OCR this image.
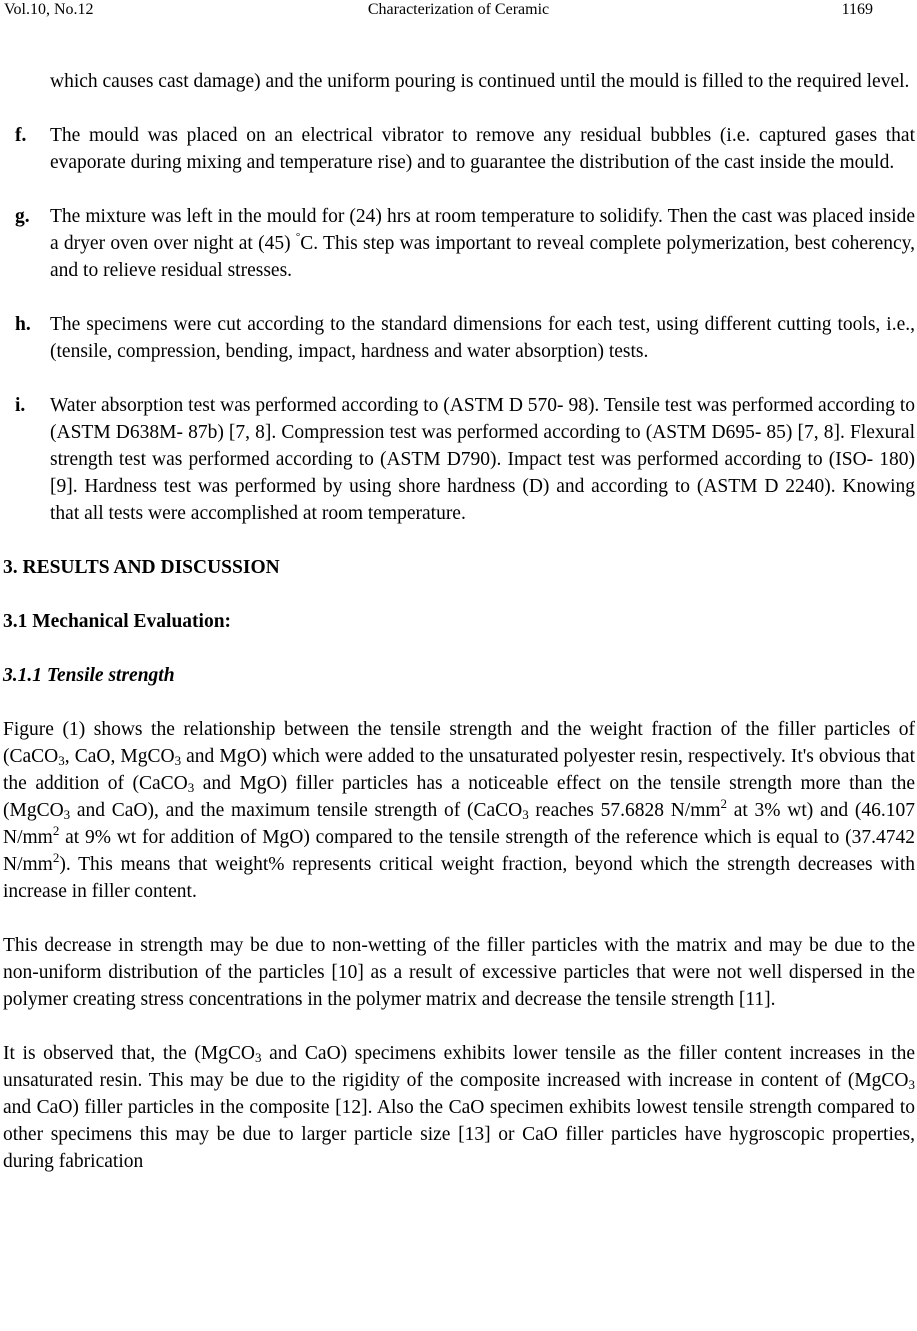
Vol.10, No.12	Characterization of Ceramic	1169

which causes cast damage) and the uniform pouring is continued until the mould is filled to the required level.

f. The mould was placed on an electrical vibrator to remove any residual bubbles (i.e. captured gases that evaporate during mixing and temperature rise) and to guarantee the distribution of the cast inside the mould.

g. The mixture was left in the mould for (24) hrs at room temperature to solidify. Then the cast was placed inside a dryer oven over night at (45) °C. This step was important to reveal complete polymerization, best coherency, and to relieve residual stresses.

h. The specimens were cut according to the standard dimensions for each test, using different cutting tools, i.e., (tensile, compression, bending, impact, hardness and water absorption) tests.

i. Water absorption test was performed according to (ASTM D 570- 98). Tensile test was performed according to (ASTM D638M- 87b) [7, 8]. Compression test was performed according to (ASTM D695- 85) [7, 8]. Flexural strength test was performed according to (ASTM D790). Impact test was performed according to (ISO- 180) [9]. Hardness test was performed by using shore hardness (D) and according to (ASTM D 2240). Knowing that all tests were accomplished at room temperature.

3. RESULTS AND DISCUSSION
3.1 Mechanical Evaluation:
3.1.1 Tensile strength

Figure (1) shows the relationship between the tensile strength and the weight fraction of the filler particles of (CaCO$_3$, CaO, MgCO$_3$ and MgO) which were added to the unsaturated polyester resin, respectively. It's obvious that the addition of (CaCO$_3$ and MgO) filler particles has a noticeable effect on the tensile strength more than the (MgCO$_3$ and CaO), and the maximum tensile strength of (CaCO$_3$ reaches 57.6828 $N/mm^2$ at 3% wt) and (46.107 $N/mm^2$ at 9% wt for addition of MgO) compared to the tensile strength of the reference which is equal to (37.4742 $N/mm^2$). This means that weight% represents critical weight fraction, beyond which the strength decreases with increase in filler content.

This decrease in strength may be due to non-wetting of the filler particles with the matrix and may be due to the non-uniform distribution of the particles [10] as a result of excessive particles that were not well dispersed in the polymer creating stress concentrations in the polymer matrix and decrease the tensile strength [11].

It is observed that, the (MgCO$_3$ and CaO) specimens exhibits lower tensile as the filler content increases in the unsaturated resin. This may be due to the rigidity of the composite increased with increase in content of (MgCO$_3$ and CaO) filler particles in the composite [12]. Also the CaO specimen exhibits lowest tensile strength compared to other specimens this may be due to larger particle size [13] or CaO filler particles have hygroscopic properties, during fabrication
